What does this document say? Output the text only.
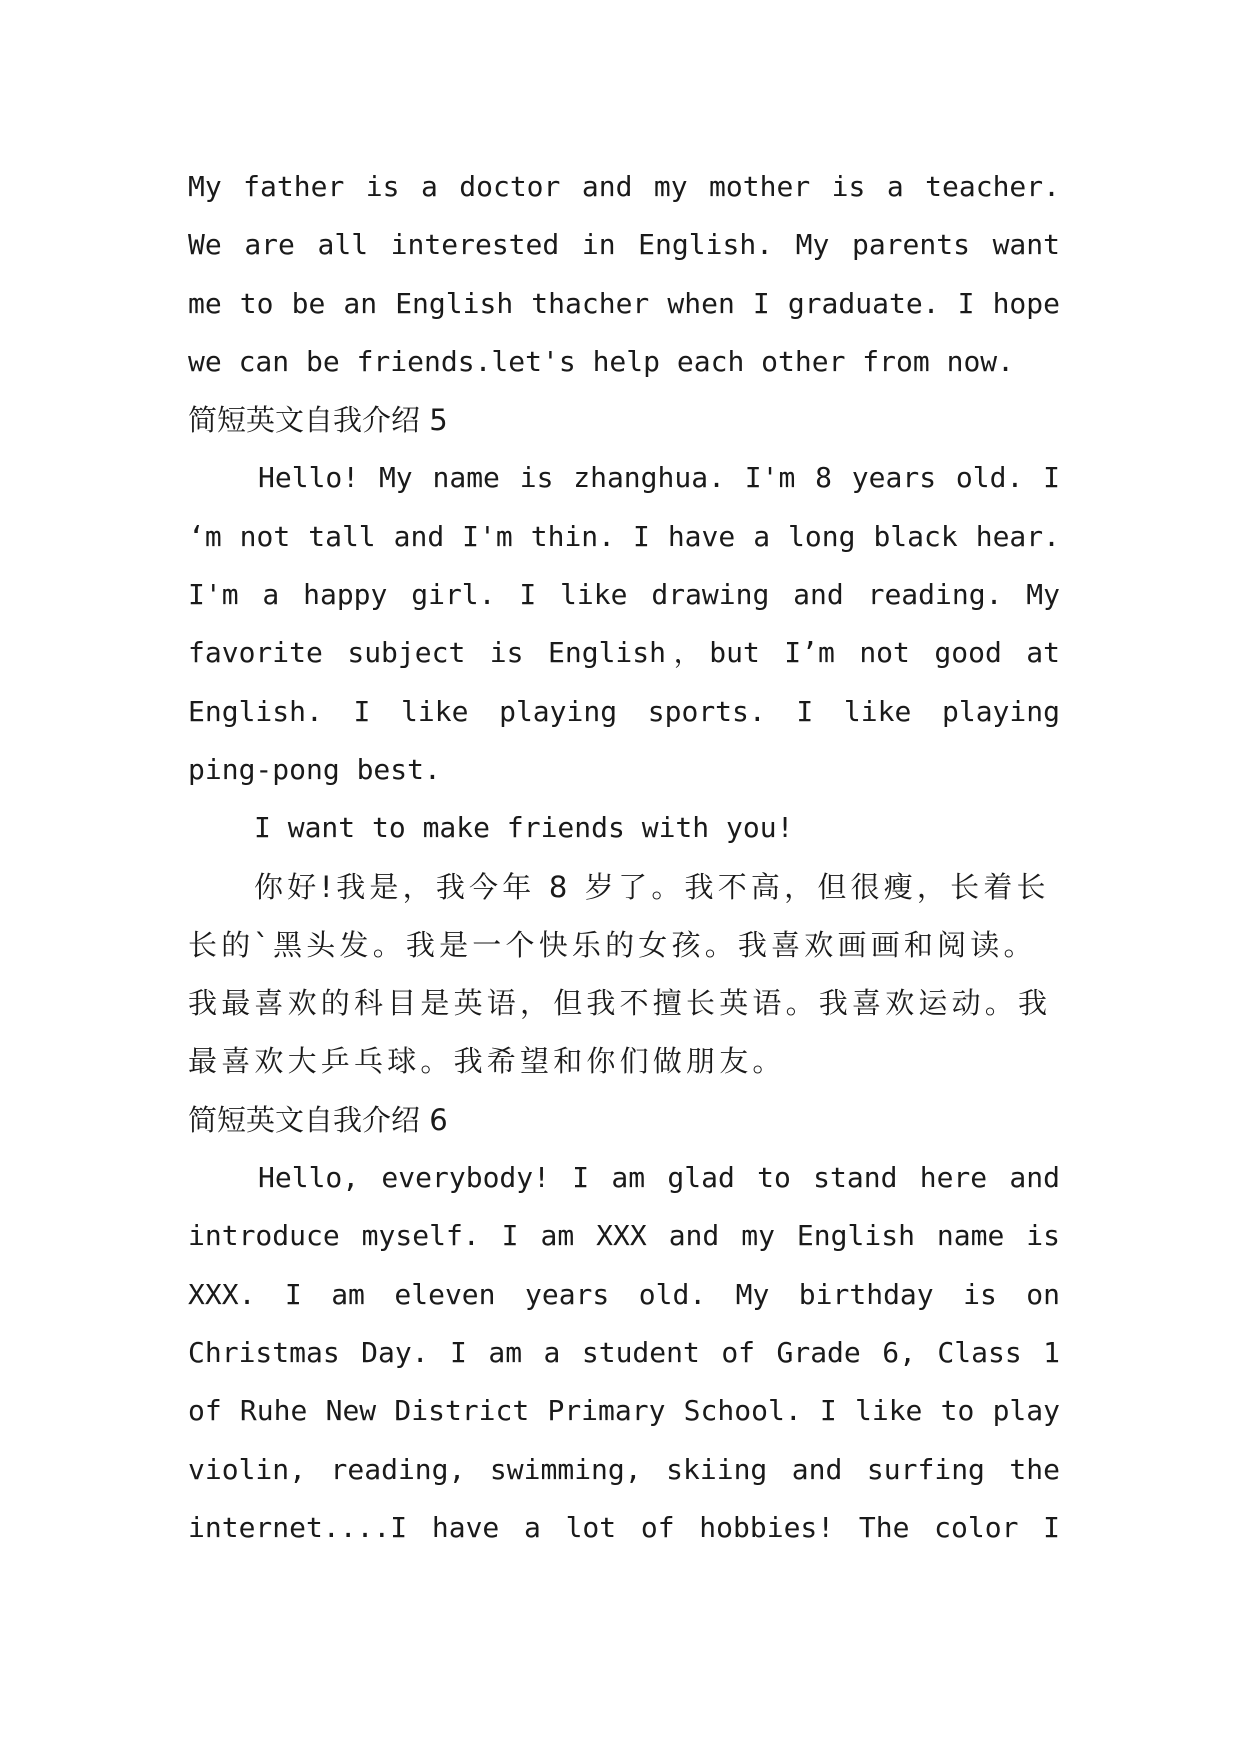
My father is a doctor and my mother is a teacher.
We are all interested in English. My parents want
me to be an English thacher when I graduate. I hope
we can be friends.let's help each other from now.
简短英文自我介绍 5
Hello! My name is zhanghua. I'm 8 years old. I
‘m not tall and I'm thin. I have a long black hear.
I'm a happy girl. I like drawing and reading. My
favorite subject is English，but I’m not good at
English. I like playing sports. I like playing
ping-pong best.
I want to make friends with you!
你好!我是，我今年 8 岁了。我不高，但很瘦，长着长
长的`黑头发。我是一个快乐的女孩。我喜欢画画和阅读。
我最喜欢的科目是英语，但我不擅长英语。我喜欢运动。我
最喜欢大乒乓球。我希望和你们做朋友。
简短英文自我介绍 6
Hello, everybody! I am glad to stand here and
introduce myself. I am XXX and my English name is
XXX. I am eleven years old. My birthday is on
Christmas Day. I am a student of Grade 6, Class 1
of Ruhe New District Primary School. I like to play
violin, reading, swimming, skiing and surfing the
internet....I have a lot of hobbies! The color I
